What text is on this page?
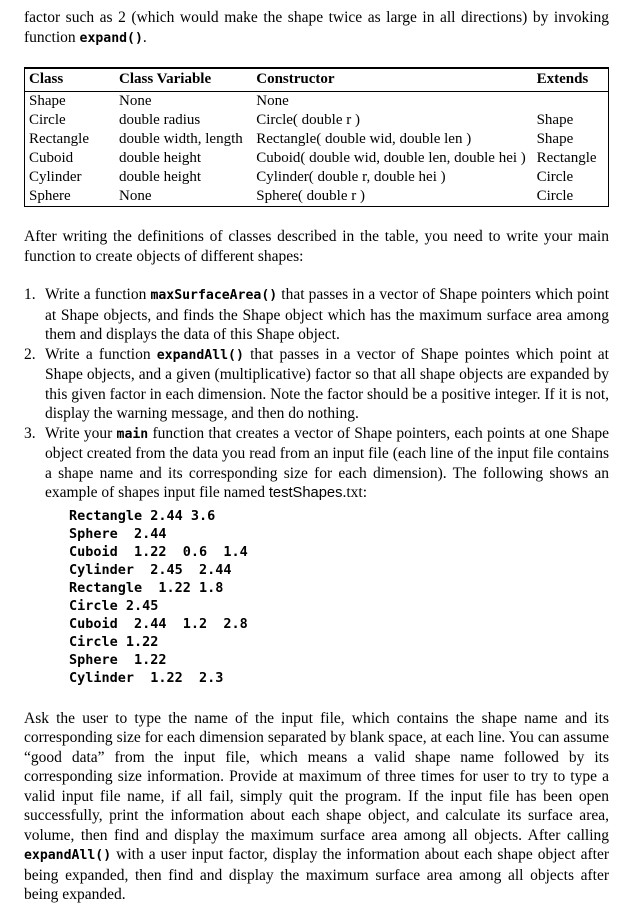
factor such as 2 (which would make the shape twice as large in all directions) by invoking function expand().

Class	Class Variable	Constructor	Extends
Shape	None	None	
Circle	double radius	Circle( double r )	Shape
Rectangle	double width, length	Rectangle( double wid, double len )	Shape
Cuboid	double height	Cuboid( double wid, double len, double hei )	Rectangle
Cylinder	double height	Cylinder( double r, double hei )	Circle
Sphere	None	Sphere( double r )	Circle

After writing the definitions of classes described in the table, you need to write your main function to create objects of different shapes:

1. Write a function maxSurfaceArea() that passes in a vector of Shape pointers which point at Shape objects, and finds the Shape object which has the maximum surface area among them and displays the data of this Shape object.
2. Write a function expandAll() that passes in a vector of Shape pointes which point at Shape objects, and a given (multiplicative) factor so that all shape objects are expanded by this given factor in each dimension. Note the factor should be a positive integer. If it is not, display the warning message, and then do nothing.
3. Write your main function that creates a vector of Shape pointers, each points at one Shape object created from the data you read from an input file (each line of the input file contains a shape name and its corresponding size for each dimension). The following shows an example of shapes input file named testShapes.txt:
Rectangle 2.44 3.6
Sphere  2.44
Cuboid  1.22  0.6  1.4
Cylinder  2.45  2.44
Rectangle  1.22 1.8
Circle 2.45
Cuboid  2.44  1.2  2.8
Circle 1.22
Sphere  1.22
Cylinder  1.22  2.3

Ask the user to type the name of the input file, which contains the shape name and its corresponding size for each dimension separated by blank space, at each line. You can assume “good data” from the input file, which means a valid shape name followed by its corresponding size information. Provide at maximum of three times for user to try to type a valid input file name, if all fail, simply quit the program. If the input file has been open successfully, print the information about each shape object, and calculate its surface area, volume, then find and display the maximum surface area among all objects. After calling expandAll() with a user input factor, display the information about each shape object after being expanded, then find and display the maximum surface area among all objects after being expanded.
